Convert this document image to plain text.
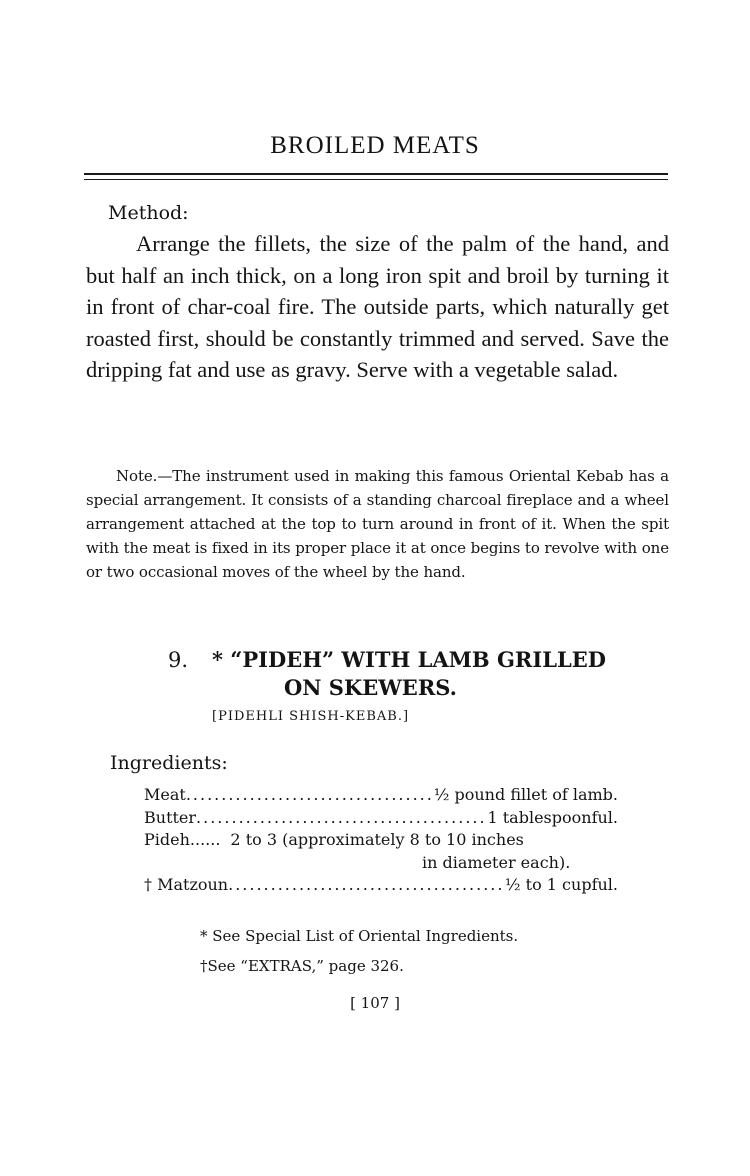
BROILED MEATS
Method:
Arrange the fillets, the size of the palm of the hand, and but half an inch thick, on a long iron spit and broil by turning it in front of char-coal fire. The outside parts, which naturally get roasted first, should be constantly trimmed and served. Save the dripping fat and use as gravy. Serve with a vegetable salad.
Note.—The instrument used in making this famous Oriental Kebab has a special arrangement. It consists of a standing charcoal fireplace and a wheel arrangement attached at the top to turn around in front of it. When the spit with the meat is fixed in its proper place it at once begins to revolve with one or two occasional moves of the wheel by the hand.
9. * “PIDEH” WITH LAMB GRILLED
ON SKEWERS.
[PIDEHLI SHISH-KEBAB.]
Ingredients:
Meat .....	½ pound fillet of lamb.
Butter .....	1 tablespoonful.
Pideh...... 2 to 3 (approximately 8 to 10 inches
in diameter each).
† Matzoun .....	½ to 1 cupful.
* See Special List of Oriental Ingredients.
†See “EXTRAS,” page 326.
[ 107 ]
